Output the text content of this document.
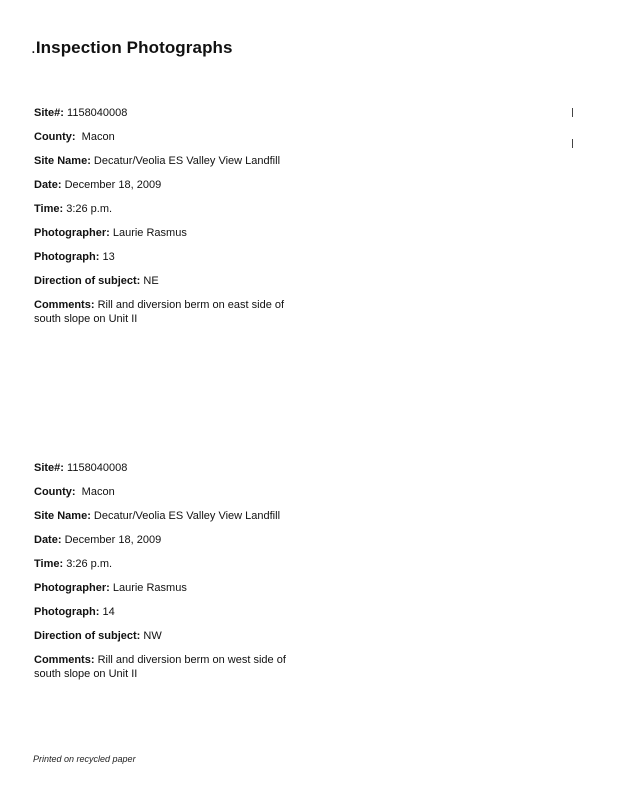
.Inspection Photographs
Site#: 1158040008
County: Macon
Site Name: Decatur/Veolia ES Valley View Landfill
Date: December 18, 2009
Time: 3:26 p.m.
Photographer: Laurie Rasmus
Photograph: 13
Direction of subject: NE
Comments: Rill and diversion berm on east side of south slope on Unit II
Site#: 1158040008
County: Macon
Site Name: Decatur/Veolia ES Valley View Landfill
Date: December 18, 2009
Time: 3:26 p.m.
Photographer: Laurie Rasmus
Photograph: 14
Direction of subject: NW
Comments: Rill and diversion berm on west side of south slope on Unit II
Printed on recycled paper
